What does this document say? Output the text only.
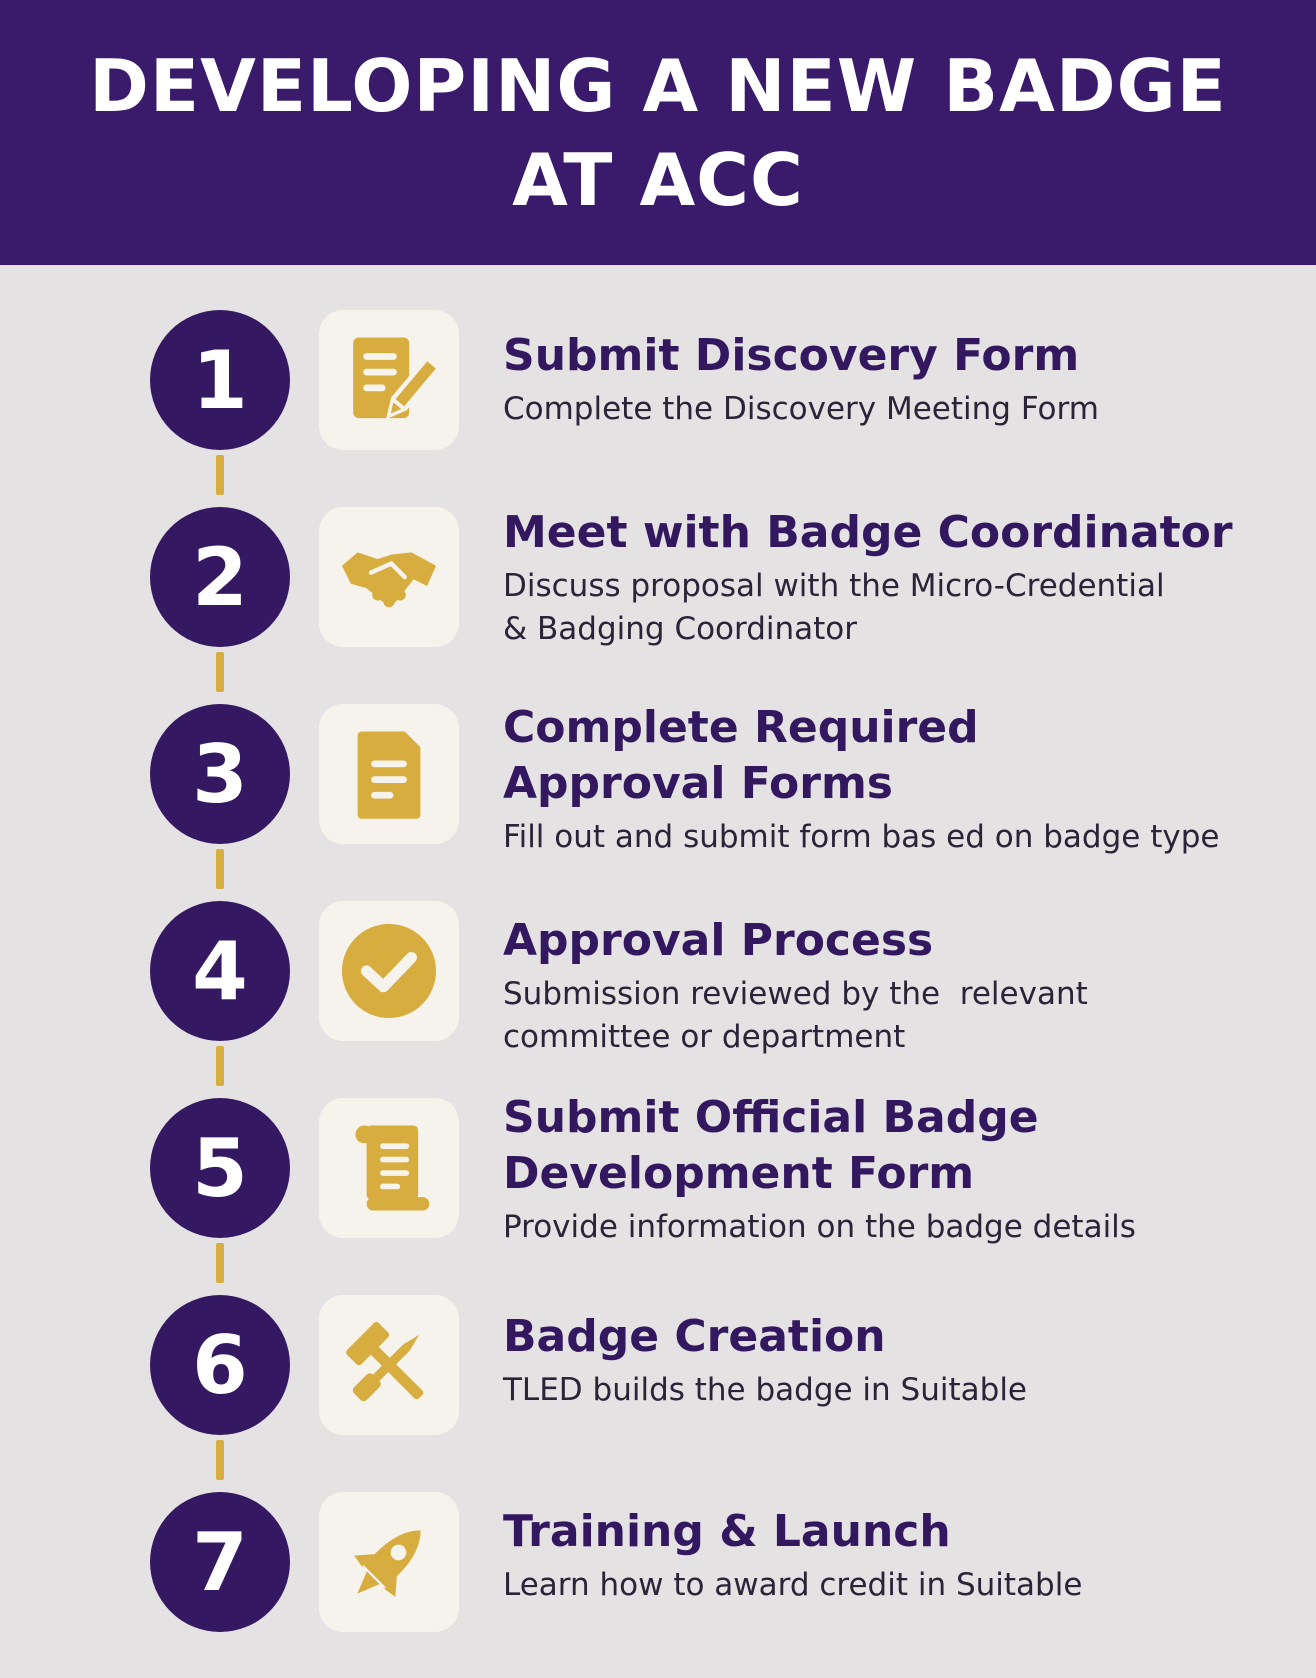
DEVELOPING A NEW BADGE
AT ACC
1	Submit Discovery Form
Complete the Discovery Meeting Form
2	Meet with Badge Coordinator
Discuss proposal with the Micro-Credential
& Badging Coordinator
3	Complete Required
Approval Forms
Fill out and submit form bas ed on badge type
4	Approval Process
Submission reviewed by the  relevant
committee or department
5
Submit Official Badge
Development Form
Provide information on the badge details
6	Badge Creation
TLED builds the badge in Suitable
7	Training & Launch
Learn how to award credit in Suitable
